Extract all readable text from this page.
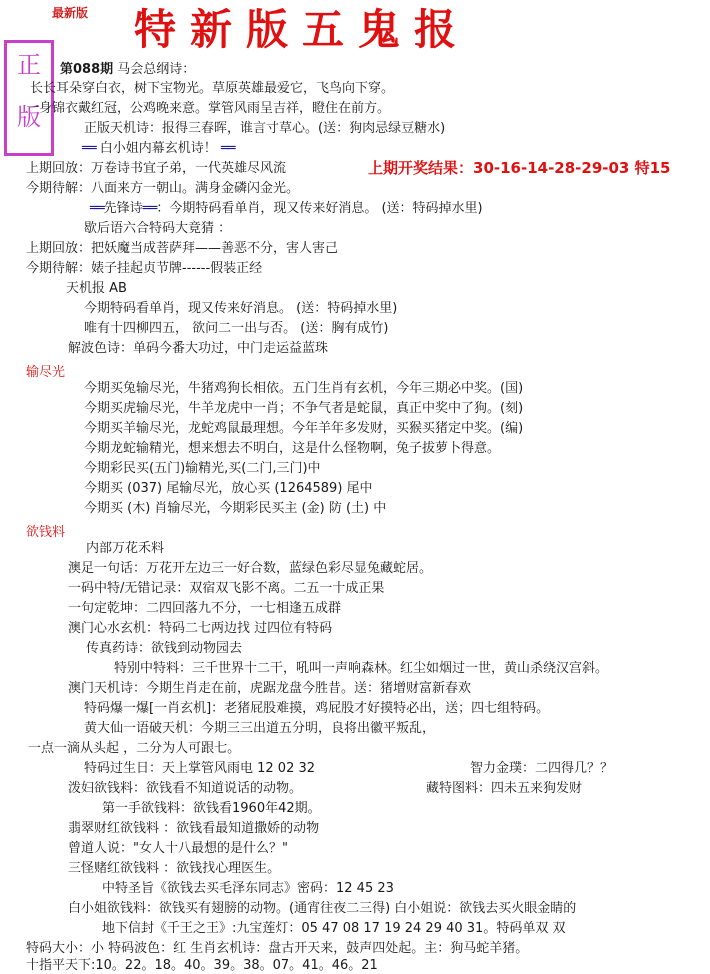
最新版 特新版五鬼报
正
版
第088期 马会总纲诗：
长长耳朵穿白衣，树下宝物光。草原英雄最爱它，飞鸟向下穿。
一身锦衣戴红冠，公鸡晚来意。掌管风雨呈吉祥，瞪住在前方。
正版天机诗：报得三春晖，谁言寸草心。(送：狗肉忌绿豆糖水)
══ 白小姐内幕玄机诗！ ══
上期回放：万卷诗书宜子弟，一代英雄尽风流	上期开奖结果：30-16-14-28-29-03 特15
今期待解：八面来方一朝山。满身金磷闪金光。
══先锋诗══：今期特码看单肖，现又传来好消息。 (送：特码掉水里)
歇后语六合特码大竟猜 ：
上期回放：把妖魔当成菩萨拜——善恶不分，害人害己
今期待解：婊子挂起贞节牌------假装正经
天机报 AB
今期特码看单肖，现又传来好消息。 (送：特码掉水里)
唯有十四柳四五， 欲问二一出与否。 (送：胸有成竹)
解波色诗：单码今番大功过，中门走运益蓝珠
输尽光
今期买兔输尽光，牛猪鸡狗长相依。五门生肖有玄机，今年三期必中奖。(国)
今期买虎输尽光，牛羊龙虎中一肖；不争气者是蛇鼠，真正中奖中了狗。(刻)
今期买羊输尽光，龙蛇鸡鼠最理想。今年羊年多发财，买猴买猪定中奖。(编)
今期龙蛇输精光，想来想去不明白，这是什么怪物啊，兔子拔萝卜得意。
今期彩民买(五门)输精光,买(二门,三门)中
今期买 (037) 尾输尽光，放心买 (1264589) 尾中
今期买 (木) 肖输尽光，今期彩民买主 (金) 防 (土) 中
欲钱料
内部万花禾料
澳足一句话：万花开左边三一好合数，蓝绿色彩尽显兔藏蛇居。
一码中特/无错记录：双宿双飞影不离。二五一十成正果
一句定乾坤：二四回落九不分，一七相逢五成群
澳门心水玄机：特码二七两边找 过四位有特码
传真药诗：欲钱到动物园去
特别中特料：三千世界十二干，吼叫一声响森林。红尘如烟过一世，黄山杀绕汉宫斜。
澳门天机诗：今期生肖走在前，虎踞龙盘今胜昔。送：猪增财富新春欢
特码爆一爆[一肖玄机]：老猪屁股难摸，鸡屁股才好摸特必出，送；四七组特码。
黄大仙一语破天机：今期三三出道五分明，良将出徽平叛乱，
一点一滴从头起 ，二分为人可跟七。
特码过生日：天上掌管风雨电 12 02 32	智力金璞：二四得几？？
泼妇欲钱料：欲钱看不知道说话的动物。	藏特图料：四未五来狗发财
第一手欲钱料：欲钱看1960年42期。
翡翠财红欲钱料 ：欲钱看最知道撒娇的动物
曾道人说："女人十八最想的是什么？"
三怪赌红欲钱料 ：欲钱找心理医生。
中特圣旨《欲钱去买毛泽东同志》密码：12 45 23
白小姐欲钱料：欲钱买有翅膀的动物。(通宵往夜二三得) 白小姐说：欲钱去买火眼金睛的
地下信封《千王之王》:九宝莲灯：05 47 08 17 19 24 29 40 31。特码单双 双
特码大小：小 特码波色：红 生肖玄机诗：盘古开天来，鼓声四处起。主：狗马蛇羊猪。
十指平天下:10。22。18。40。39。38。07。41。46。21
